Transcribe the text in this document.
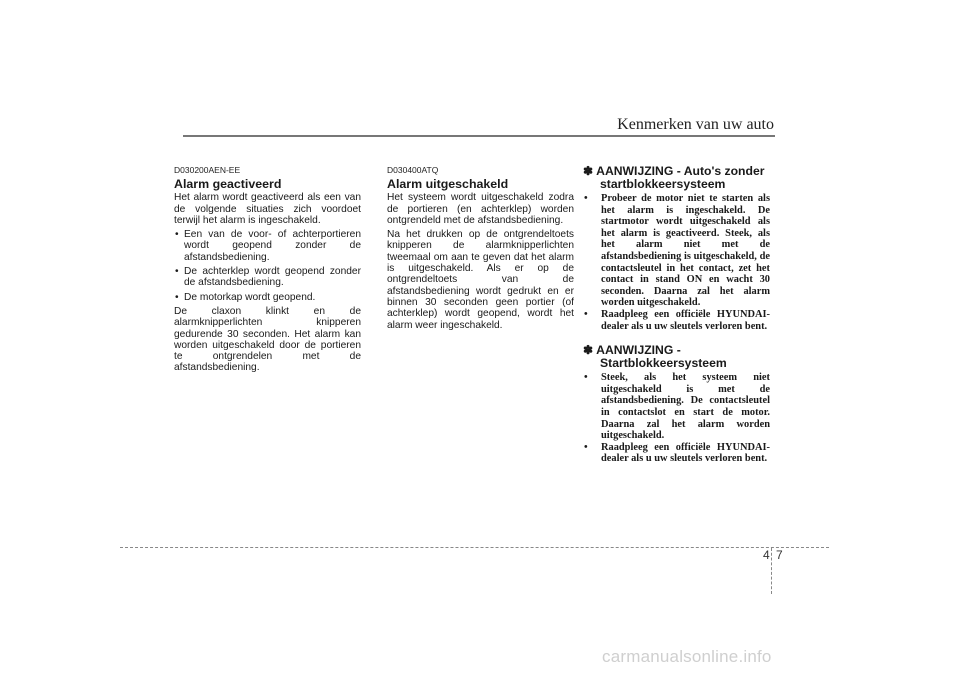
Kenmerken van uw auto
D030200AEN-EE
Alarm geactiveerd

Het alarm wordt geactiveerd als een van de volgende situaties zich voordoet terwijl het alarm is ingeschakeld.

• Een van de voor- of achterportieren wordt geopend zonder de afstandsbediening.
• De achterklep wordt geopend zonder de afstandsbediening.
• De motorkap wordt geopend.

De claxon klinkt en de alarmknipperlichten knipperen gedurende 30 seconden. Het alarm kan worden uitgeschakeld door de portieren te ontgrendelen met de afstandsbediening.

D030400ATQ
Alarm uitgeschakeld

Het systeem wordt uitgeschakeld zodra de portieren (en achterklep) worden ontgrendeld met de afstandsbediening.

Na het drukken op de ontgrendeltoets knipperen de alarmknipperlichten tweemaal om aan te geven dat het alarm is uitgeschakeld. Als er op de ontgrendeltoets van de afstandsbediening wordt gedrukt en er binnen 30 seconden geen portier (of achterklep) wordt geopend, wordt het alarm weer ingeschakeld.

✽ AANWIJZING - Auto's zonder
startblokkeersysteem
• Probeer de motor niet te starten als het alarm is ingeschakeld. De startmotor wordt uitgeschakeld als het alarm is geactiveerd. Steek, als het alarm niet met de afstandsbediening is uitgeschakeld, de contactsleutel in het contact, zet het contact in stand ON en wacht 30 seconden. Daarna zal het alarm worden uitgeschakeld.
• Raadpleeg een officiële HYUNDAI-dealer als u uw sleutels verloren bent.
✽ AANWIJZING -
Startblokkeersysteem
• Steek, als het systeem niet uitgeschakeld is met de afstandsbediening. De contactsleutel in contactslot en start de motor. Daarna zal het alarm worden uitgeschakeld.
• Raadpleeg een officiële HYUNDAI-dealer als u uw sleutels verloren bent.
4 7
carmanualsonline.info
